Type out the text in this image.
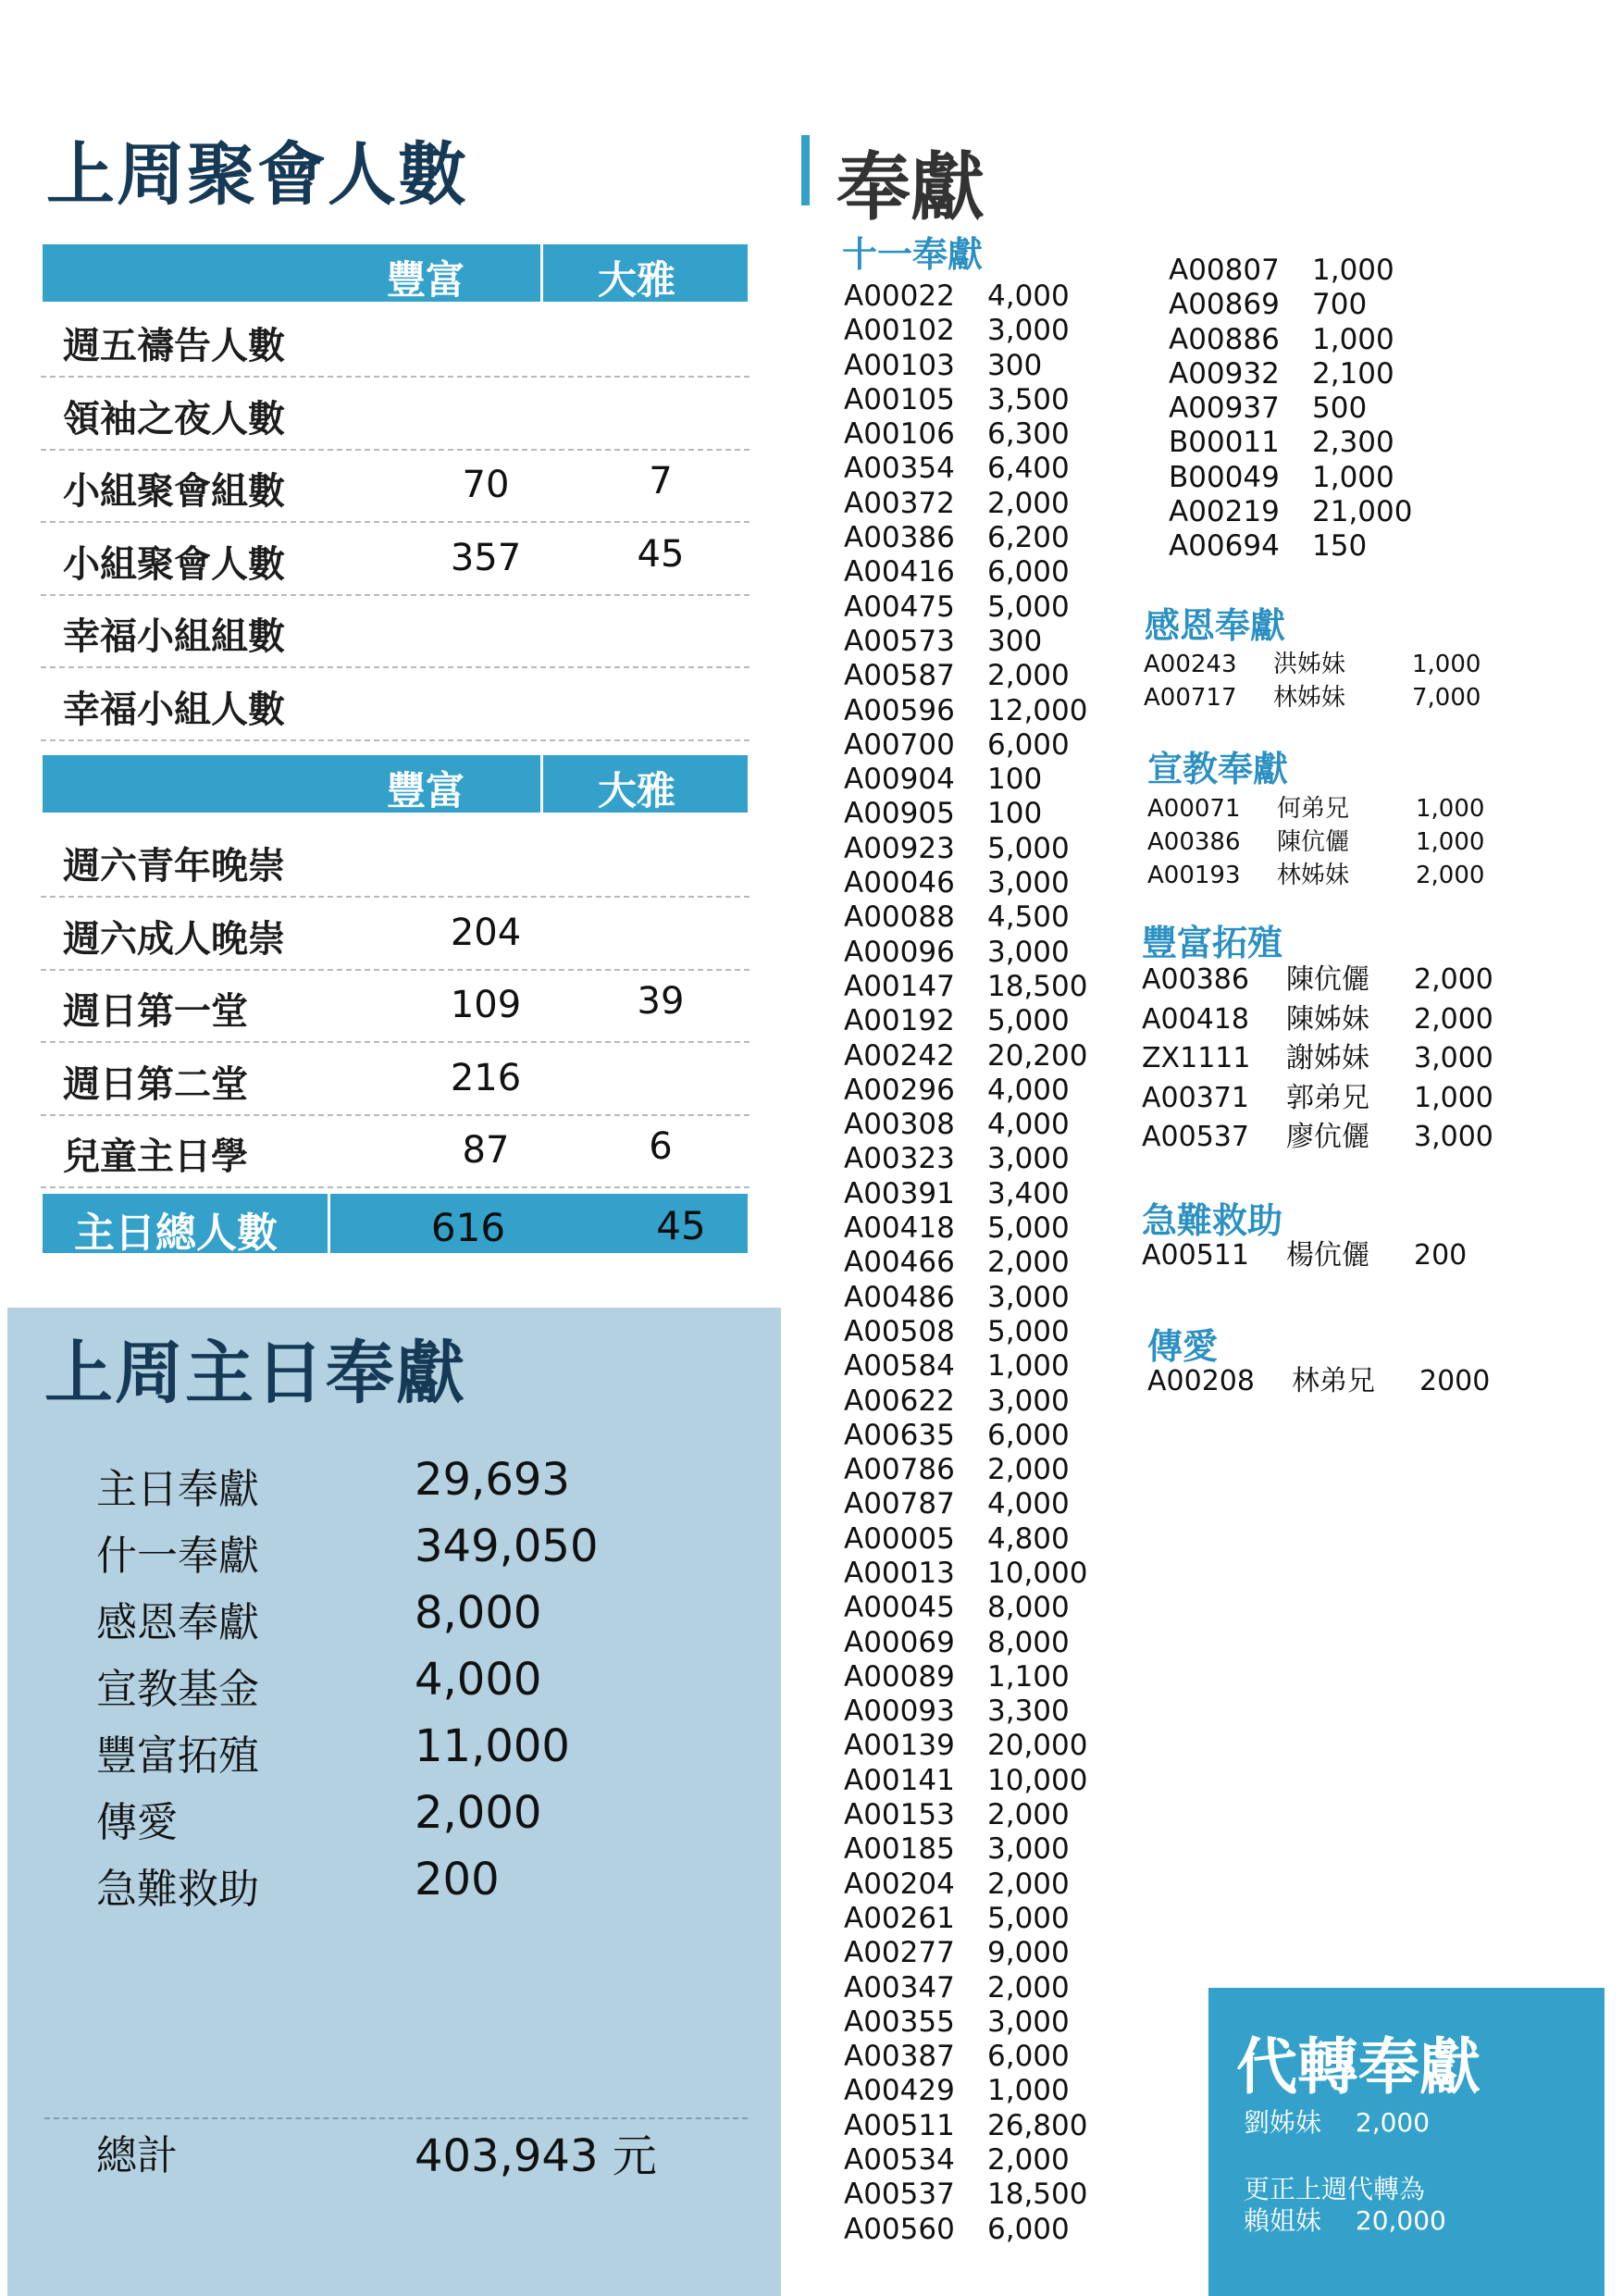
上周聚會人數
豐富	大雅
週五禱告人數
領袖之夜人數
小組聚會組數	70	7
小組聚會人數	357	45
幸福小組組數
幸福小組人數
豐富	大雅
週六青年晚崇
週六成人晚崇	204
週日第一堂	109	39
週日第二堂	216
兒童主日學	87	6
主日總人數	616	45
上周主日奉獻
主日奉獻	29,693
什一奉獻	349,050
感恩奉獻	8,000
宣教基金	4,000
豐富拓殖	11,000
傳愛	2,000
急難救助	200
總計	403,943 元
奉獻
十一奉獻
A00022 4,000
A00102 3,000
A00103 300
A00105 3,500
A00106 6,300
A00354 6,400
A00372 2,000
A00386 6,200
A00416 6,000
A00475 5,000
A00573 300
A00587 2,000
A00596 12,000
A00700 6,000
A00904 100
A00905 100
A00923 5,000
A00046 3,000
A00088 4,500
A00096 3,000
A00147 18,500
A00192 5,000
A00242 20,200
A00296 4,000
A00308 4,000
A00323 3,000
A00391 3,400
A00418 5,000
A00466 2,000
A00486 3,000
A00508 5,000
A00584 1,000
A00622 3,000
A00635 6,000
A00786 2,000
A00787 4,000
A00005 4,800
A00013 10,000
A00045 8,000
A00069 8,000
A00089 1,100
A00093 3,300
A00139 20,000
A00141 10,000
A00153 2,000
A00185 3,000
A00204 2,000
A00261 5,000
A00277 9,000
A00347 2,000
A00355 3,000
A00387 6,000
A00429 1,000
A00511 26,800
A00534 2,000
A00537 18,500
A00560 6,000
A00807 1,000
A00869 700
A00886 1,000
A00932 2,100
A00937 500
B00011 2,300
B00049 1,000
A00219 21,000
A00694 150
感恩奉獻
A00243 洪姊妹	1,000
A00717 林姊妹	7,000
宣教奉獻
A00071 何弟兄	1,000
A00386 陳伉儷	1,000
A00193 林姊妹	2,000
豐富拓殖
A00386 陳伉儷 2,000
A00418 陳姊妹 2,000
ZX1111 謝姊妹 3,000
A00371 郭弟兄 1,000
A00537 廖伉儷 3,000
急難救助
A00511 楊伉儷 200
傳愛
A00208 林弟兄 2000
代轉奉獻
劉姊妹　 2,000
更正上週代轉為
賴姐妹　 20,000
